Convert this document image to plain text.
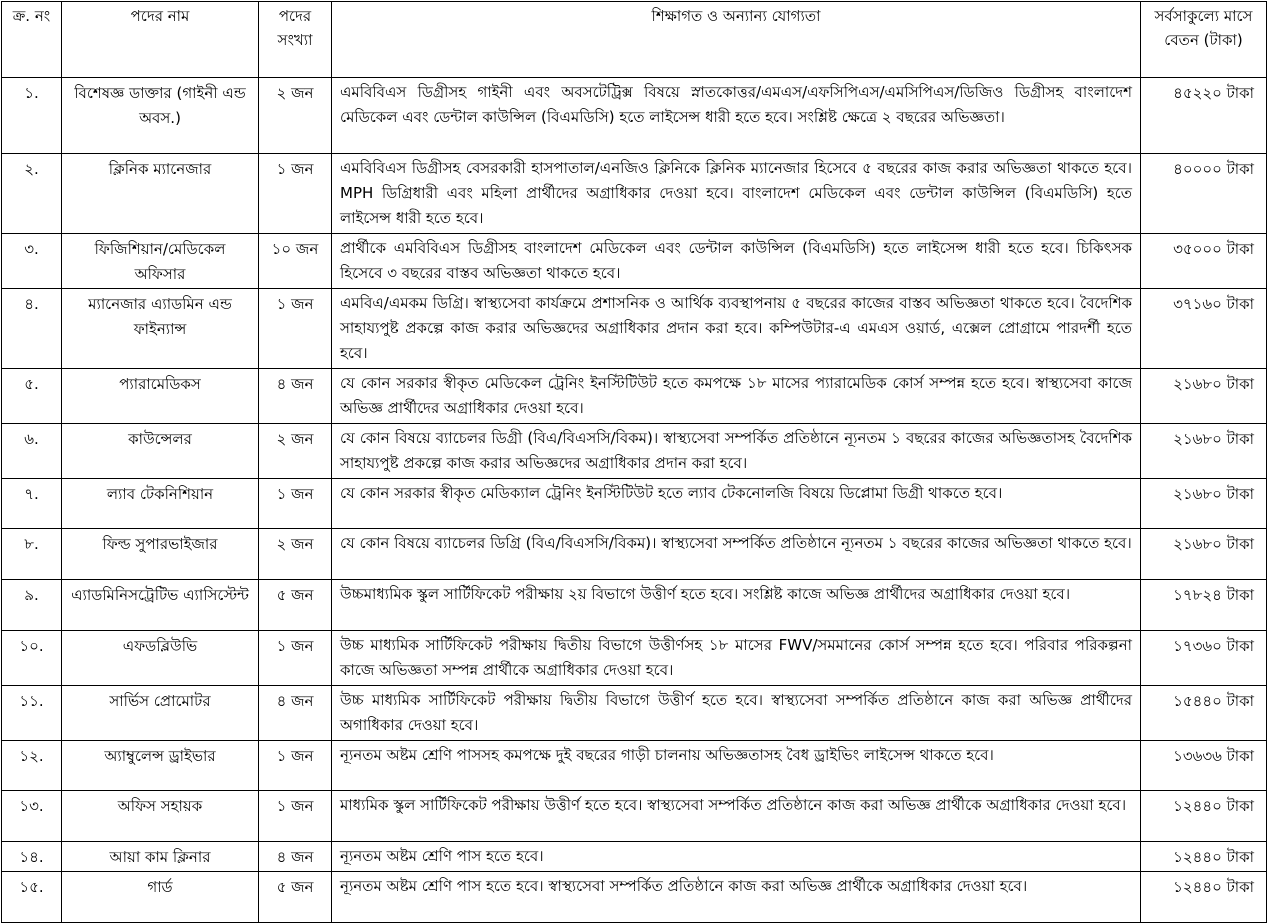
ক্র. নং	পদের নাম	পদের সংখ্যা	শিক্ষাগত ও অন্যান্য যোগ্যতা	সর্বসাকুল্যে মাসে বেতন (টাকা)
১.	বিশেষজ্ঞ ডাক্তার (গাইনী এন্ড অবস.)	২ জন	এমবিবিএস ডিগ্রীসহ গাইনী এবং অবসটেট্রিক্স বিষয়ে স্নাতকোত্তর/এমএস/এফসিপিএস/এমসিপিএস/ডিজিও ডিগ্রীসহ বাংলাদেশ মেডিকেল এবং ডেন্টাল কাউন্সিল (বিএমডিসি) হতে লাইসেন্স ধারী হতে হবে। সংশ্লিষ্ট ক্ষেত্রে ২ বছরের অভিজ্ঞতা।	৪৫২২০ টাকা
২.	ক্লিনিক ম্যানেজার	১ জন	এমবিবিএস ডিগ্রীসহ বেসরকারী হাসপাতাল/এনজিও ক্লিনিকে ক্লিনিক ম্যানেজার হিসেবে ৫ বছরের কাজ করার অভিজ্ঞতা থাকতে হবে। MPH ডিগ্রিধারী এবং মহিলা প্রার্থীদের অগ্রাধিকার দেওয়া হবে। বাংলাদেশ মেডিকেল এবং ডেন্টাল কাউন্সিল (বিএমডিসি) হতে লাইসেন্স ধারী হতে হবে।	৪০০০০ টাকা
৩.	ফিজিশিয়ান/মেডিকেল অফিসার	১০ জন	প্রার্থীকে এমবিবিএস ডিগ্রীসহ বাংলাদেশ মেডিকেল এবং ডেন্টাল কাউন্সিল (বিএমডিসি) হতে লাইসেন্স ধারী হতে হবে। চিকিৎসক হিসেবে ৩ বছরের বাস্তব অভিজ্ঞতা থাকতে হবে।	৩৫০০০ টাকা
৪.	ম্যানেজার এ্যাডমিন এন্ড ফাইন্যান্স	১ জন	এমবিএ/এমকম ডিগ্রি। স্বাস্থ্যসেবা কার্যক্রমে প্রশাসনিক ও আর্থিক ব্যবস্থাপনায় ৫ বছরের কাজের বাস্তব অভিজ্ঞতা থাকতে হবে। বৈদেশিক সাহায্যপুষ্ট প্রকল্পে কাজ করার অভিজ্ঞদের অগ্রাধিকার প্রদান করা হবে। কম্পিউটার-এ এমএস ওয়ার্ড, এক্সেল প্রোগ্রামে পারদর্শী হতে হবে।	৩৭১৬০ টাকা
৫.	প্যারামেডিকস	৪ জন	যে কোন সরকার স্বীকৃত মেডিকেল ট্রেনিং ইনস্টিটিউট হতে কমপক্ষে ১৮ মাসের প্যারামেডিক কোর্স সম্পন্ন হতে হবে। স্বাস্থ্যসেবা কাজে অভিজ্ঞ প্রার্থীদের অগ্রাধিকার দেওয়া হবে।	২১৬৮০ টাকা
৬.	কাউন্সেলর	২ জন	যে কোন বিষয়ে ব্যাচেলর ডিগ্রী (বিএ/বিএসসি/বিকম)। স্বাস্থ্যসেবা সম্পর্কিত প্রতিষ্ঠানে ন্যূনতম ১ বছরের কাজের অভিজ্ঞতাসহ বৈদেশিক সাহায্যপুষ্ট প্রকল্পে কাজ করার অভিজ্ঞদের অগ্রাধিকার প্রদান করা হবে।	২১৬৮০ টাকা
৭.	ল্যাব টেকনিশিয়ান	১ জন	যে কোন সরকার স্বীকৃত মেডিক্যাল ট্রেনিং ইনস্টিটিউট হতে ল্যাব টেকনোলজি বিষয়ে ডিপ্লোমা ডিগ্রী থাকতে হবে।	২১৬৮০ টাকা
৮.	ফিল্ড সুপারভাইজার	২ জন	যে কোন বিষয়ে ব্যাচেলর ডিগ্রি (বিএ/বিএসসি/বিকম)। স্বাস্থ্যসেবা সম্পর্কিত প্রতিষ্ঠানে ন্যূনতম ১ বছরের কাজের অভিজ্ঞতা থাকতে হবে।	২১৬৮০ টাকা
৯.	এ্যাডমিনিসট্রেটিভ এ্যাসিস্টেন্ট	৫ জন	উচ্চমাধ্যমিক স্কুল সার্টিফিকেট পরীক্ষায় ২য় বিভাগে উত্তীর্ণ হতে হবে। সংশ্লিষ্ট কাজে অভিজ্ঞ প্রার্থীদের অগ্রাধিকার দেওয়া হবে।	১৭৮২৪ টাকা
১০.	এফডব্লিউভি	১ জন	উচ্চ মাধ্যমিক সার্টিফিকেট পরীক্ষায় দ্বিতীয় বিভাগে উত্তীর্ণসহ ১৮ মাসের FWV/সমমানের কোর্স সম্পন্ন হতে হবে। পরিবার পরিকল্পনা কাজে অভিজ্ঞতা সম্পন্ন প্রার্থীকে অগ্রাধিকার দেওয়া হবে।	১৭৩৬০ টাকা
১১.	সার্ভিস প্রোমোটর	৪ জন	উচ্চ মাধ্যমিক সার্টিফিকেট পরীক্ষায় দ্বিতীয় বিভাগে উত্তীর্ণ হতে হবে। স্বাস্থ্যসেবা সম্পর্কিত প্রতিষ্ঠানে কাজ করা অভিজ্ঞ প্রার্থীদের অগাধিকার দেওয়া হবে।	১৫৪৪০ টাকা
১২.	অ্যাম্বুলেন্স ড্রাইভার	১ জন	ন্যূনতম অষ্টম শ্রেণি পাসসহ কমপক্ষে দুই বছরের গাড়ী চালনায় অভিজ্ঞতাসহ বৈধ ড্রাইভিং লাইসেন্স থাকতে হবে।	১৩৬৩৬ টাকা
১৩.	অফিস সহায়ক	১ জন	মাধ্যমিক স্কুল সার্টিফিকেট পরীক্ষায় উত্তীর্ণ হতে হবে। স্বাস্থ্যসেবা সম্পর্কিত প্রতিষ্ঠানে কাজ করা অভিজ্ঞ প্রার্থীকে অগ্রাধিকার দেওয়া হবে।	১২৪৪০ টাকা
১৪.	আয়া কাম ক্লিনার	৪ জন	ন্যূনতম অষ্টম শ্রেণি পাস হতে হবে।	১২৪৪০ টাকা
১৫.	গার্ড	৫ জন	ন্যূনতম অষ্টম শ্রেণি পাস হতে হবে। স্বাস্থ্যসেবা সম্পর্কিত প্রতিষ্ঠানে কাজ করা অভিজ্ঞ প্রার্থীকে অগ্রাধিকার দেওয়া হবে।	১২৪৪০ টাকা
